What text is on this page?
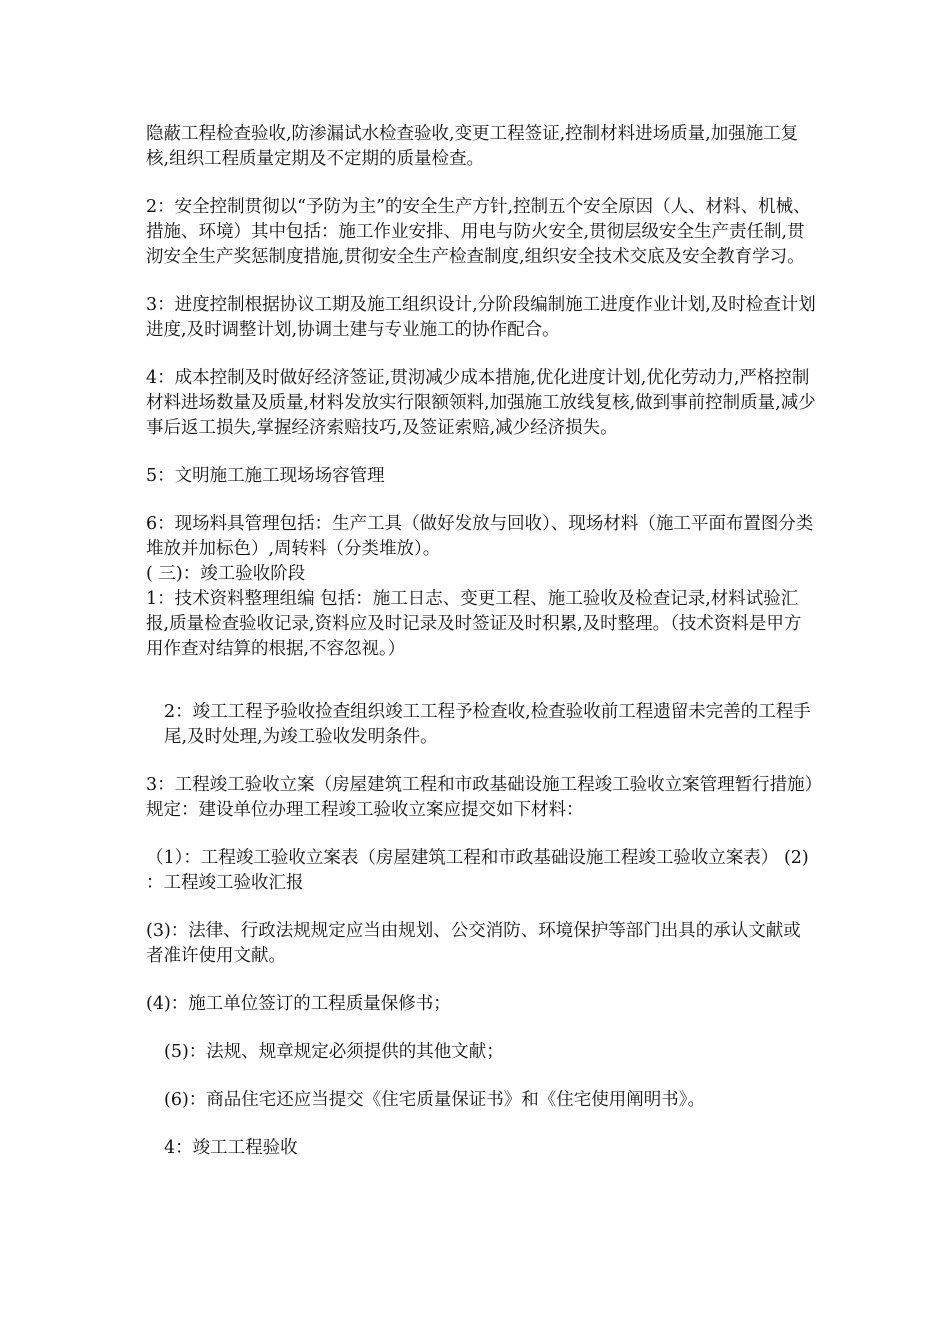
隐蔽工程检查验收,防渗漏试水检查验收,变更工程签证,控制材料进场质量,加强施工复核,组织工程质量定期及不定期的质量检查。

2：安全控制贯彻以“予防为主”的安全生产方针,控制五个安全原因（人、材料、机械、措施、环境）其中包括：施工作业安排、用电与防火安全,贯彻层级安全生产责任制,贯沏安全生产奖惩制度措施,贯彻安全生产检查制度,组织安全技术交底及安全教育学习。

3：进度控制根据协议工期及施工组织设计,分阶段编制施工进度作业计划,及时检查计划进度,及时调整计划,协调土建与专业施工的协作配合。

4：成本控制及时做好经济签证,贯沏减少成本措施,优化进度计划,优化劳动力,严格控制材料进场数量及质量,材料发放实行限额领料,加强施工放线复核,做到事前控制质量,减少事后返工损失,掌握经济索赔技巧,及签证索赔,减少经济损失。

5：文明施工施工现场场容管理

6：现场料具管理包括：生产工具（做好发放与回收）、现场材料（施工平面布置图分类堆放并加标色）,周转料（分类堆放）。

( 三)：竣工验收阶段

1：技术资料整理组编 包括：施工日志、变更工程、施工验收及检查记录,材料试验汇报,质量检查验收记录,资料应及时记录及时签证及时积累,及时整理。（技术资料是甲方用作查对结算的根据,不容忽视。）

2：竣工工程予验收捡查组织竣工工程予检查收,检查验收前工程遗留未完善的工程手尾,及时处理,为竣工验收发明条件。

3：工程竣工验收立案（房屋建筑工程和市政基础设施工程竣工验收立案管理暂行措施）规定：建设单位办理工程竣工验收立案应提交如下材料：

（1）：工程竣工验收立案表（房屋建筑工程和市政基础设施工程竣工验收立案表） (2) ：工程竣工验收汇报

(3)：法律、行政法规规定应当由规划、公交消防、环境保护等部门出具的承认文献或者准许使用文献。

(4)：施工单位签订的工程质量保修书；

(5)：法规、规章规定必须提供的其他文献；

(6)：商品住宅还应当提交《住宅质量保证书》和《住宅使用阐明书》。

4：竣工工程验收
